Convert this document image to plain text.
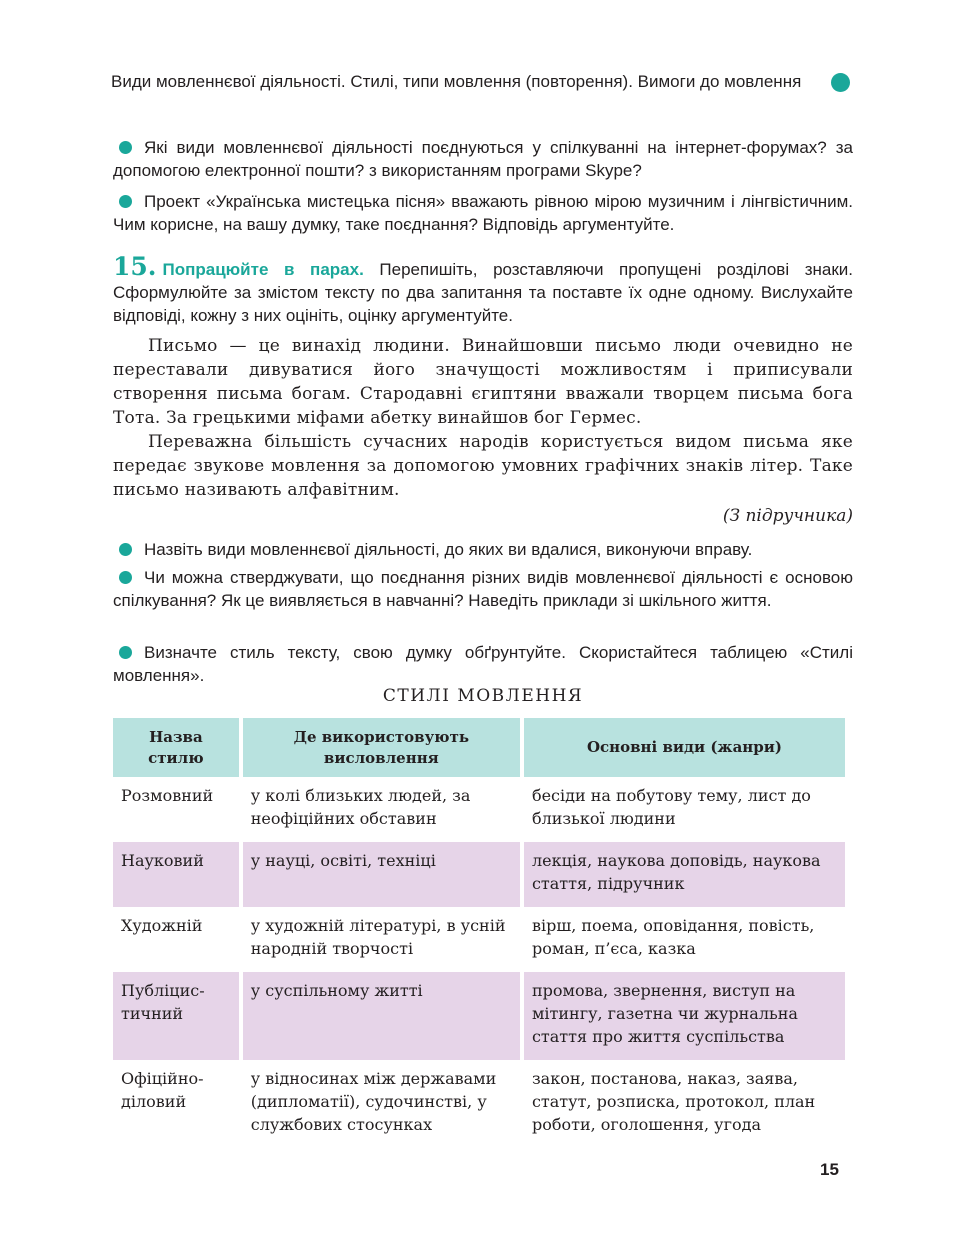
Види мовленнєвої діяльності. Стилі, типи мовлення (повторення). Вимоги до мовлення

Які види мовленнєвої діяльності поєднуються у спілкуванні на інтернет-форумах? за допомогою електронної пошти? з використанням програми Skype?

Проект «Українська мистецька пісня» вважають рівною мірою музичним і лінгвістичним. Чим корисне, на вашу думку, таке поєднання? Відповідь аргументуйте.

15. Попрацюйте в парах. Перепишіть, розставляючи пропущені розділові знаки. Сформулюйте за змістом тексту по два запитання та поставте їх одне одному. Вислухайте відповіді, кожну з них оцініть, оцінку аргументуйте.

Письмо — це винахід людини. Винайшовши письмо люди очевидно не переставали дивуватися його значущості можливостям і приписували створення письма богам. Стародавні єгиптяни вважали творцем письма бога Тота. За грецькими міфами абетку винайшов бог Гермес.

Переважна більшість сучасних народів користується видом письма яке передає звукове мовлення за допомогою умовних графічних знаків літер. Таке письмо називають алфавітним.

(З підручника)

Назвіть види мовленнєвої діяльності, до яких ви вдалися, виконуючи вправу.

Чи можна стверджувати, що поєднання різних видів мовленнєвої діяльності є основою спілкування? Як це виявляється в навчанні? Наведіть приклади зі шкільного життя.

Визначте стиль тексту, свою думку обґрунтуйте. Скористайтеся таблицею «Стилі мовлення».

СТИЛІ МОВЛЕННЯ
Назва стилю	Де використовують висловлення	Основні види (жанри)
Розмовний	у колі близьких людей, за неофіційних обставин	бесіди на побутову тему, лист до близької людини
Науковий	у науці, освіті, техніці	лекція, наукова доповідь, наукова стаття, підручник
Художній	у художній літературі, в усній народній творчості	вірш, поема, оповідання, повість, роман, п’єса, казка
Публіцистичний	у суспільному житті	промова, звернення, виступ на мітингу, газетна чи журнальна стаття про життя суспільства
Офіційно-діловий	у відносинах між державами (дипломатії), судочинстві, у службових стосунках	закон, постанова, наказ, заява, статут, розписка, протокол, план роботи, оголошення, угода
15
